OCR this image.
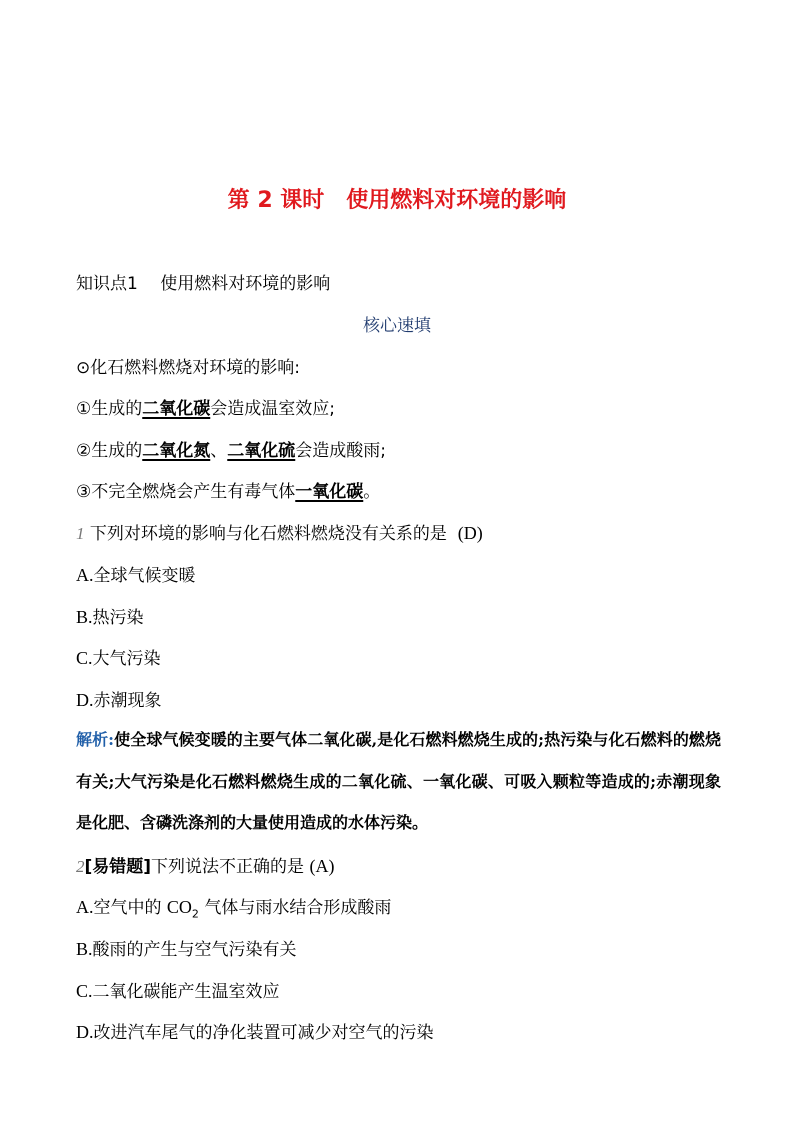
第 2 课时　使用燃料对环境的影响
知识点1　 使用燃料对环境的影响
核心速填
⊙化石燃料燃烧对环境的影响:
①生成的二氧化碳会造成温室效应;
②生成的二氧化氮、二氧化硫会造成酸雨;
③不完全燃烧会产生有毒气体一氧化碳。
1 下列对环境的影响与化石燃料燃烧没有关系的是 (D)
A.全球气候变暖
B.热污染
C.大气污染
D.赤潮现象
解析:使全球气候变暖的主要气体二氧化碳,是化石燃料燃烧生成的;热污染与化石燃料的燃烧有关;大气污染是化石燃料燃烧生成的二氧化硫、一氧化碳、可吸入颗粒等造成的;赤潮现象是化肥、含磷洗涤剂的大量使用造成的水体污染。
2[易错题]下列说法不正确的是 (A)
A.空气中的 $CO_2$ 气体与雨水结合形成酸雨
B.酸雨的产生与空气污染有关
C.二氧化碳能产生温室效应
D.改进汽车尾气的净化装置可减少对空气的污染
